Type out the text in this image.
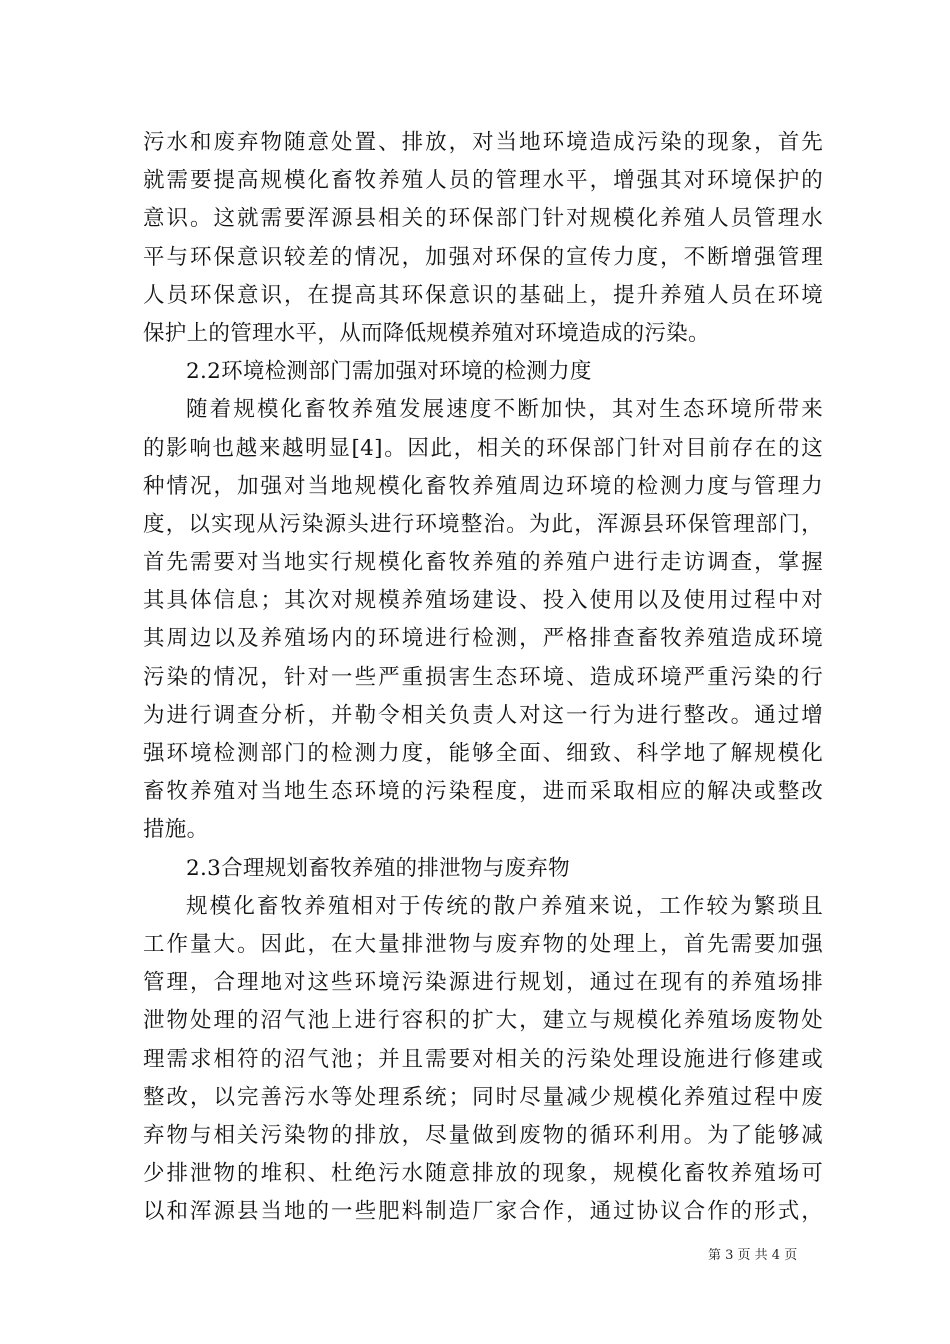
污水和废弃物随意处置、排放，对当地环境造成污染的现象，首先
就需要提高规模化畜牧养殖人员的管理水平，增强其对环境保护的
意识。这就需要浑源县相关的环保部门针对规模化养殖人员管理水
平与环保意识较差的情况，加强对环保的宣传力度，不断增强管理
人员环保意识，在提高其环保意识的基础上，提升养殖人员在环境
保护上的管理水平，从而降低规模养殖对环境造成的污染。
2.2环境检测部门需加强对环境的检测力度
随着规模化畜牧养殖发展速度不断加快，其对生态环境所带来
的影响也越来越明显[4]。因此，相关的环保部门针对目前存在的这
种情况，加强对当地规模化畜牧养殖周边环境的检测力度与管理力
度，以实现从污染源头进行环境整治。为此，浑源县环保管理部门，
首先需要对当地实行规模化畜牧养殖的养殖户进行走访调查，掌握
其具体信息；其次对规模养殖场建设、投入使用以及使用过程中对
其周边以及养殖场内的环境进行检测，严格排查畜牧养殖造成环境
污染的情况，针对一些严重损害生态环境、造成环境严重污染的行
为进行调查分析，并勒令相关负责人对这一行为进行整改。通过增
强环境检测部门的检测力度，能够全面、细致、科学地了解规模化
畜牧养殖对当地生态环境的污染程度，进而采取相应的解决或整改
措施。
2.3合理规划畜牧养殖的排泄物与废弃物
规模化畜牧养殖相对于传统的散户养殖来说，工作较为繁琐且
工作量大。因此，在大量排泄物与废弃物的处理上，首先需要加强
管理，合理地对这些环境污染源进行规划，通过在现有的养殖场排
泄物处理的沼气池上进行容积的扩大，建立与规模化养殖场废物处
理需求相符的沼气池；并且需要对相关的污染处理设施进行修建或
整改，以完善污水等处理系统；同时尽量减少规模化养殖过程中废
弃物与相关污染物的排放，尽量做到废物的循环利用。为了能够减
少排泄物的堆积、杜绝污水随意排放的现象，规模化畜牧养殖场可
以和浑源县当地的一些肥料制造厂家合作，通过协议合作的形式，
第 3 页 共 4 页
